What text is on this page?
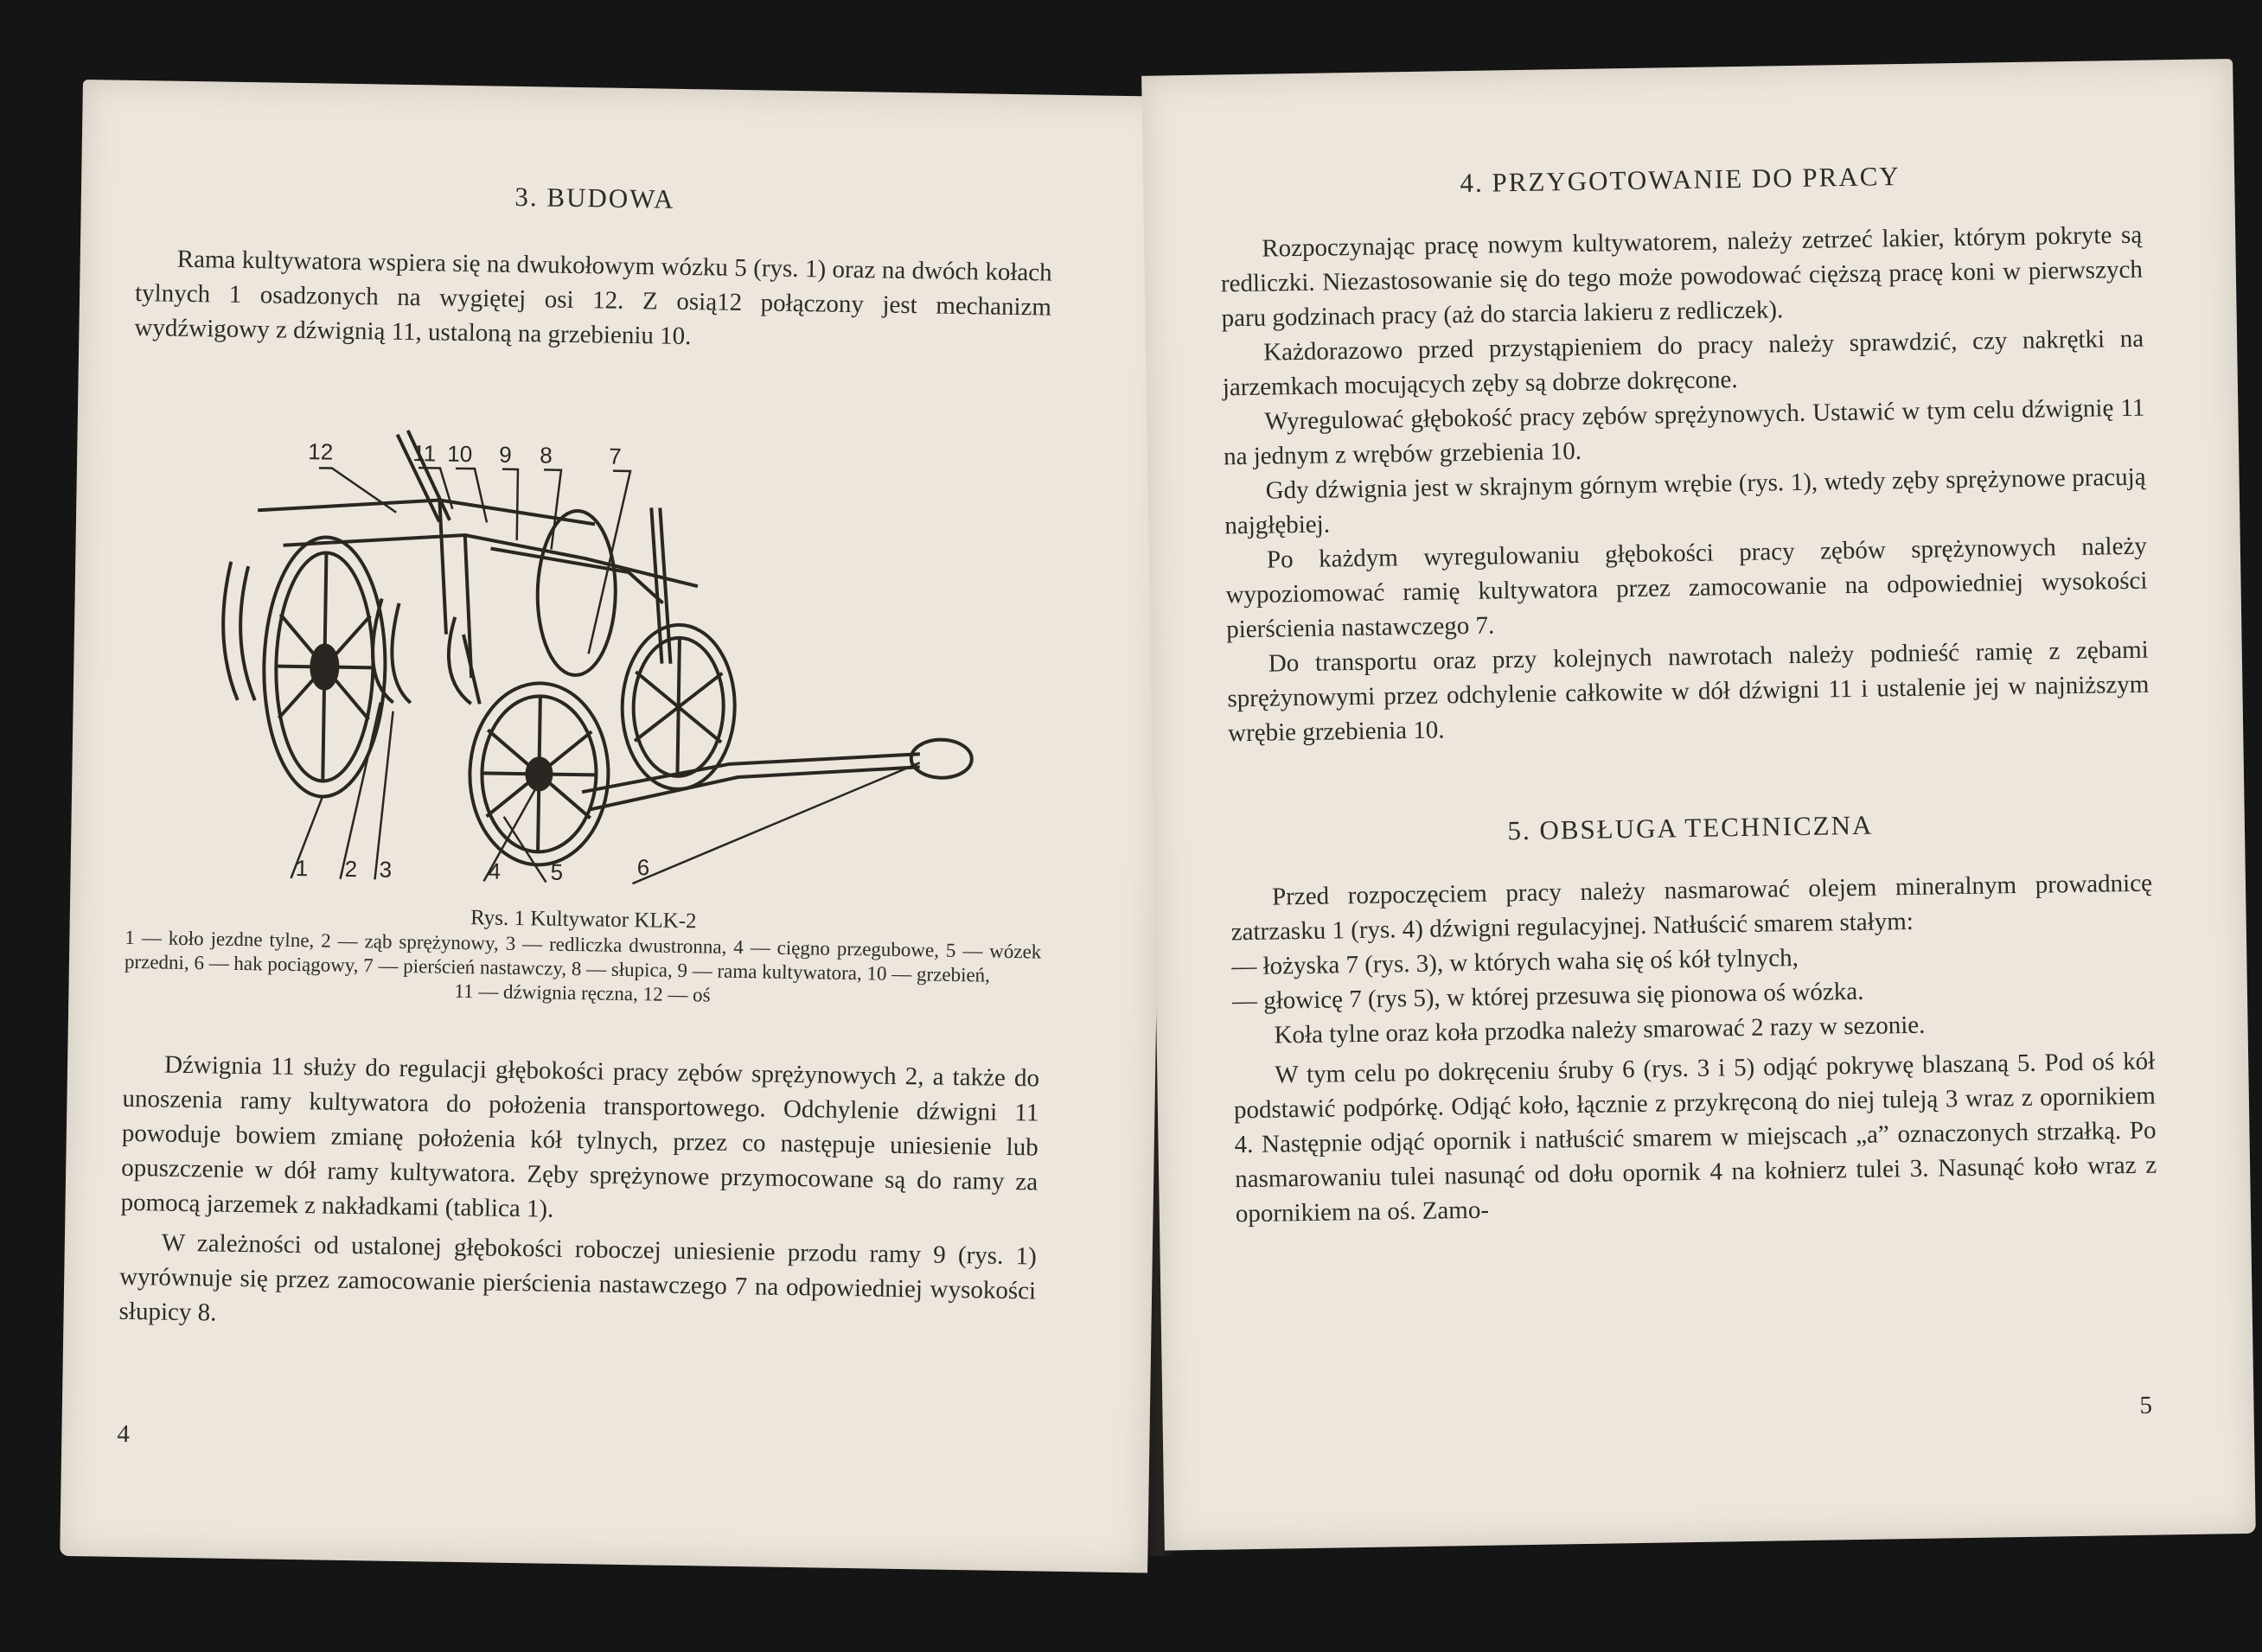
3. BUDOWA

Rama kultywatora wspiera się na dwukołowym wózku 5 (rys. 1) oraz na dwóch kołach tylnych 1 osadzonych na wygiętej osi 12. Z osią12 połączony jest mechanizm wydźwigowy z dźwignią 11, ustaloną na grzebieniu 10.

12	11 10 9 8	7
1 2 3	4 5	6

Rys. 1 Kultywator KLK-2

1 — koło jezdne tylne, 2 — ząb sprężynowy, 3 — redliczka dwustronna, 4 — cięgno przegubowe, 5 — wózek przedni, 6 — hak pociągowy, 7 — pierścień nastawczy, 8 — słupica, 9 — rama kultywatora, 10 — grzebień,

11 — dźwignia ręczna, 12 — oś

Dźwignia 11 służy do regulacji głębokości pracy zębów sprężynowych 2, a także do unoszenia ramy kultywatora do położenia transportowego. Odchylenie dźwigni 11 powoduje bowiem zmianę położenia kół tylnych, przez co następuje uniesienie lub opuszczenie w dół ramy kultywatora. Zęby sprężynowe przymocowane są do ramy za pomocą jarzemek z nakładkami (tablica 1).

W zależności od ustalonej głębokości roboczej uniesienie przodu ramy 9 (rys. 1) wyrównuje się przez zamocowanie pierścienia nastawczego 7 na odpowiedniej wysokości słupicy 8.

4

4. PRZYGOTOWANIE DO PRACY

Rozpoczynając pracę nowym kultywatorem, należy zetrzeć lakier, którym pokryte są redliczki. Niezastosowanie się do tego może powodować cięższą pracę koni w pierwszych paru godzinach pracy (aż do starcia lakieru z redliczek).

Każdorazowo przed przystąpieniem do pracy należy sprawdzić, czy nakrętki na jarzemkach mocujących zęby są dobrze dokręcone.

Wyregulować głębokość pracy zębów sprężynowych. Ustawić w tym celu dźwignię 11 na jednym z wrębów grzebienia 10.

Gdy dźwignia jest w skrajnym górnym wrębie (rys. 1), wtedy zęby sprężynowe pracują najgłębiej.

Po każdym wyregulowaniu głębokości pracy zębów sprężynowych należy wypoziomować ramię kultywatora przez zamocowanie na odpowiedniej wysokości pierścienia nastawczego 7.

Do transportu oraz przy kolejnych nawrotach należy podnieść ramię z zębami sprężynowymi przez odchylenie całkowite w dół dźwigni 11 i ustalenie jej w najniższym wrębie grzebienia 10.

5. OBSŁUGA TECHNICZNA

Przed rozpoczęciem pracy należy nasmarować olejem mineralnym prowadnicę zatrzasku 1 (rys. 4) dźwigni regulacyjnej. Natłuścić smarem stałym:

— łożyska 7 (rys. 3), w których waha się oś kół tylnych,

— głowicę 7 (rys 5), w której przesuwa się pionowa oś wózka.

Koła tylne oraz koła przodka należy smarować 2 razy w sezonie.

W tym celu po dokręceniu śruby 6 (rys. 3 i 5) odjąć pokrywę blaszaną 5. Pod oś kół podstawić podpórkę. Odjąć koło, łącznie z przykręconą do niej tuleją 3 wraz z opornikiem 4. Następnie odjąć opornik i natłuścić smarem w miejscach „a” oznaczonych strzałką. Po nasmarowaniu tulei nasunąć od dołu opornik 4 na kołnierz tulei 3. Nasunąć koło wraz z opornikiem na oś. Zamo-

5
